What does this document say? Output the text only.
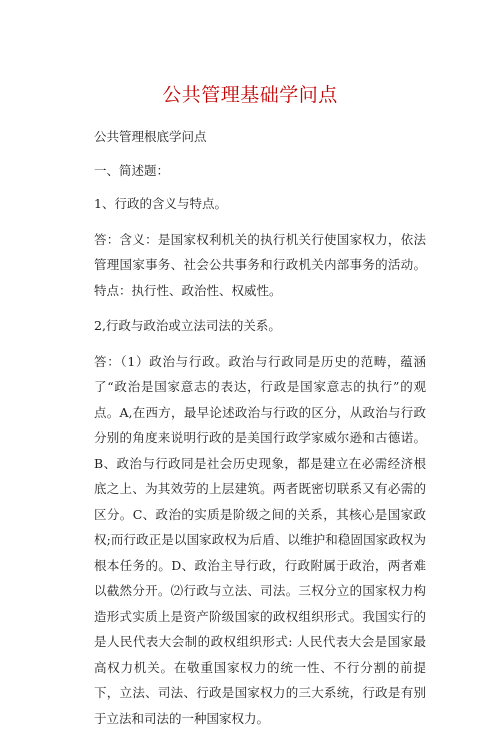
公共管理基础学问点

公共管理根底学问点

一、简述题：

1、行政的含义与特点。

答：含义：是国家权利机关的执行机关行使国家权力，依法管理国家事务、社会公共事务和行政机关内部事务的活动。特点：执行性、政治性、权威性。

2,行政与政治或立法司法的关系。

答：（1）政治与行政。政治与行政同是历史的范畴，蕴涵了“政治是国家意志的表达，行政是国家意志的执行”的观点。A,在西方，最早论述政治与行政的区分，从政治与行政分别的角度来说明行政的是美国行政学家威尔逊和古德诺。B、政治与行政同是社会历史现象，都是建立在必需经济根底之上、为其效劳的上层建筑。两者既密切联系又有必需的区分。C、政治的实质是阶级之间的关系，其核心是国家政权;而行政正是以国家政权为后盾、以维护和稳固国家政权为根本任务的。D、政治主导行政，行政附属于政治，两者难以截然分开。⑵行政与立法、司法。三权分立的国家权力构造形式实质上是资产阶级国家的政权组织形式。我国实行的是人民代表大会制的政权组织形式: 人民代表大会是国家最高权力机关。在敬重国家权力的统一性、不行分割的前提下，立法、司法、行政是国家权力的三大系统，行政是有别于立法和司法的一种国家权力。
